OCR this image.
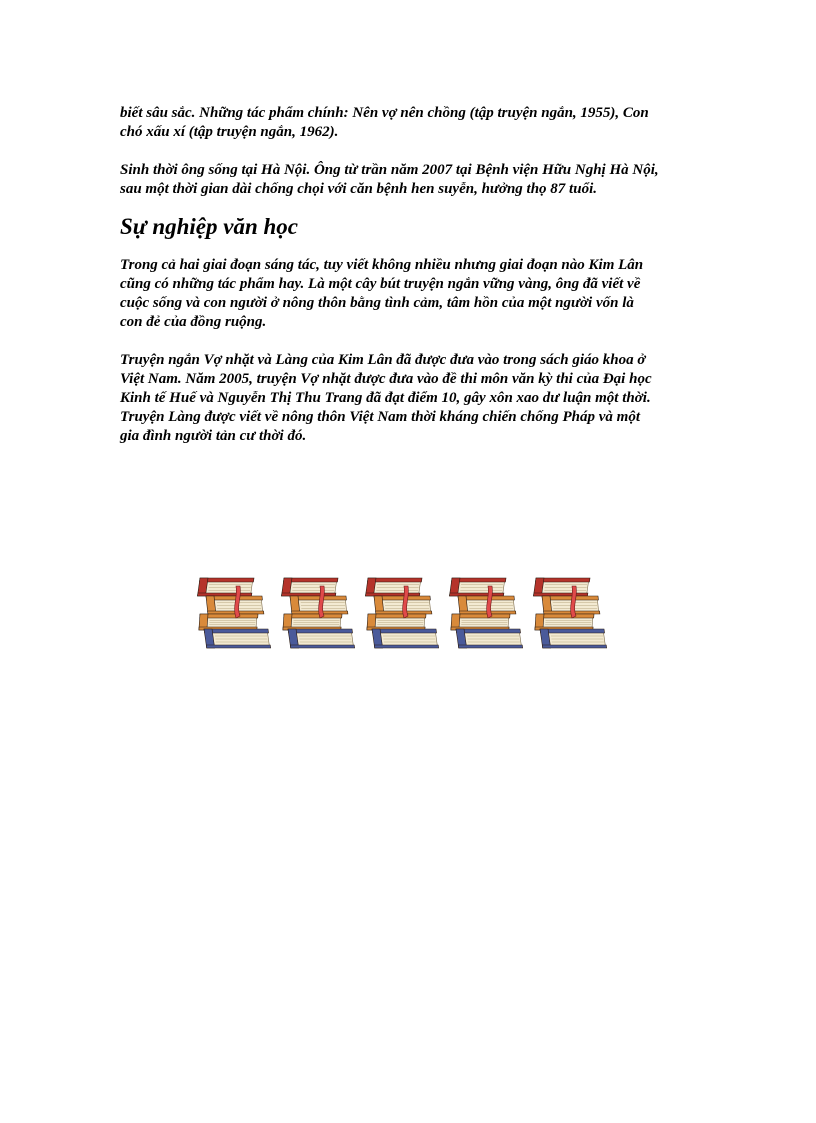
biết sâu sắc. Những tác phẩm chính: Nên vợ nên chồng (tập truyện ngắn, 1955), Con
chó xấu xí (tập truyện ngắn, 1962).

Sinh thời ông sống tại Hà Nội. Ông từ trần năm 2007 tại Bệnh viện Hữu Nghị Hà Nội,
sau một thời gian dài chống chọi với căn bệnh hen suyễn, hưởng thọ 87 tuổi.

Sự nghiệp văn học

Trong cả hai giai đoạn sáng tác, tuy viết không nhiều nhưng giai đoạn nào Kim Lân
cũng có những tác phẩm hay. Là một cây bút truyện ngắn vững vàng, ông đã viết về
cuộc sống và con người ở nông thôn bằng tình cảm, tâm hồn của một người vốn là
con đẻ của đồng ruộng.

Truyện ngắn Vợ nhặt và Làng của Kim Lân đã được đưa vào trong sách giáo khoa ở
Việt Nam. Năm 2005, truyện Vợ nhặt được đưa vào đề thi môn văn kỳ thi của Đại học
Kinh tế Huế và Nguyễn Thị Thu Trang đã đạt điểm 10, gây xôn xao dư luận một thời.
Truyện Làng được viết về nông thôn Việt Nam thời kháng chiến chống Pháp và một
gia đình người tản cư thời đó.
